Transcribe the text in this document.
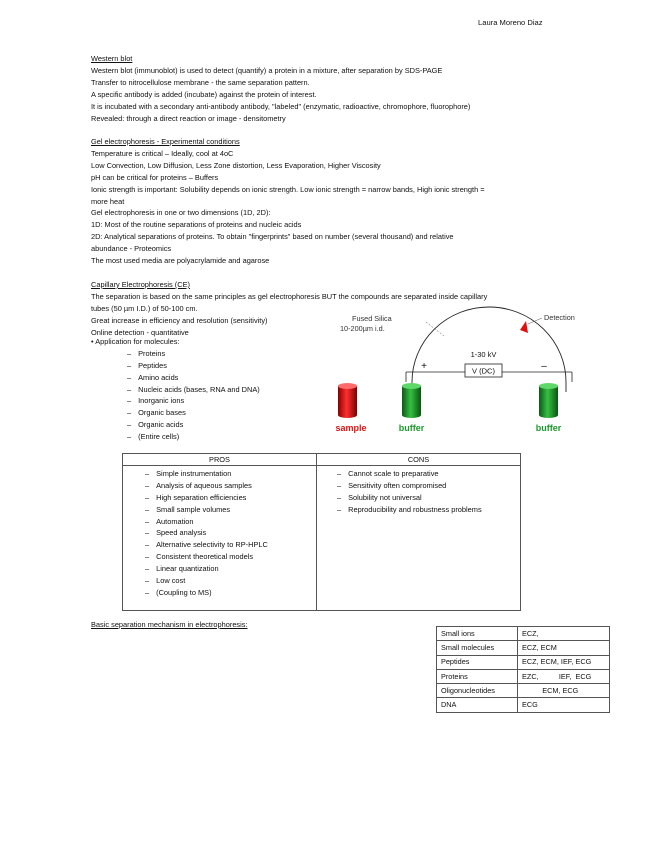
Laura Moreno Diaz
Western blot
Western blot (immunoblot) is used to detect (quantify) a protein in a mixture, after separation by SDS-PAGE
Transfer to nitrocellulose membrane - the same separation pattern.
A specific antibody is added (incubate) against the protein of interest.
It is incubated with a secondary anti-antibody antibody, "labeled" (enzymatic, radioactive, chromophore, fluorophore)
Revealed: through a direct reaction or image - densitometry
Gel electrophoresis - Experimental conditions
Temperature is critical – Ideally, cool at 4oC
Low Convection, Low Diffusion, Less Zone distortion, Less Evaporation, Higher Viscosity
pH can be critical for proteins – Buffers
Ionic strength is important: Solubility depends on ionic strength. Low ionic strength = narrow bands, High ionic strength =
more heat
Gel electrophoresis in one or two dimensions (1D, 2D):
1D: Most of the routine separations of proteins and nucleic acids
2D: Analytical separations of proteins. To obtain "fingerprints" based on number (several thousand) and relative
abundance - Proteomics
The most used media are polyacrylamide and agarose
Capillary Electrophoresis (CE)
The separation is based on the same principles as gel electrophoresis BUT the compounds are separated inside capillary
tubes (50 µm I.D.) of 50-100 cm.
Great increase in efficiency and resolution (sensitivity)
Online detection - quantitative
• Application for molecules:
– Proteins
– Peptides
– Amino acids
– Nucleic acids (bases, RNA and DNA)
– Inorganic ions
– Organic bases
– Organic acids
– (Entire cells)
Fused Silica
10-200µm i.d.
Detection
V (DC)
1-30 kV
+	–
sample	buffer	buffer
PROS
– Simple instrumentation
– Analysis of aqueous samples
– High separation efficiencies
– Small sample volumes
– Automation
– Speed analysis
– Alternative selectivity to RP-HPLC
– Consistent theoretical models
– Linear quantization
– Low cost
– (Coupling to MS)
CONS
– Cannot scale to preparative
– Sensitivity often compromised
– Solubility not universal
– Reproducibility and robustness problems
Basic separation mechanism in electrophoresis:
Small ions	ECZ,
Small molecules	ECZ, ECM
Peptides	ECZ, ECM, IEF, ECG
Proteins	EZC,          IEF,  ECG
Oligonucleotides	ECM, ECG
DNA	ECG
